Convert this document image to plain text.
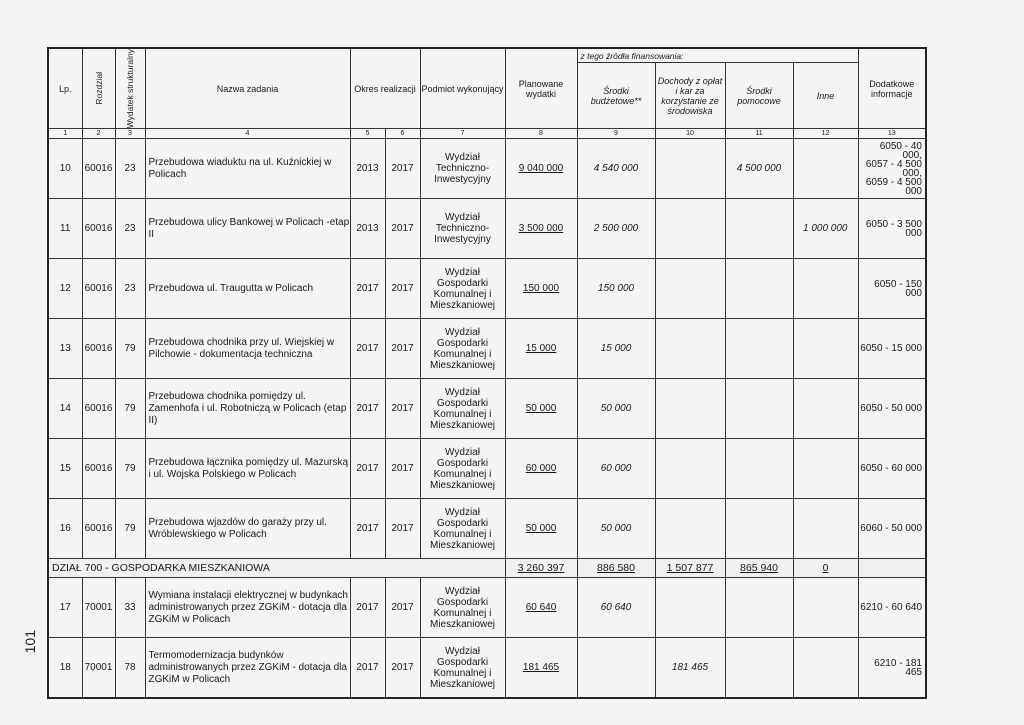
Lp.	Rozdział	Wydatek strukturalny	Nazwa zadania	Okres realizacji		Podmiot wykonujący	Planowane wydatki	z tego źródła finansowania:				Dodatkowe informacje
								Środki budżetowe**	Dochody z opłat i kar za korzystanie ze środowiska	Środki pomocowe	Inne	
1	2	3	4	5	6	7	8	9	10	11	12	13
10	60016	23	Przebudowa wiaduktu na ul. Kuźnickiej w Policach	2013	2017	Wydział Techniczno-Inwestycyjny	9 040 000	4 540 000		4 500 000		6050 - 40 000,
6057 - 4 500 000,
6059 - 4 500 000
11	60016	23	Przebudowa ulicy Bankowej w Policach -etap II	2013	2017	Wydział Techniczno-Inwestycyjny	3 500 000	2 500 000			1 000 000	6050 - 3 500 000
12	60016	23	Przebudowa ul. Traugutta w Policach	2017	2017	Wydział Gospodarki Komunalnej i Mieszkaniowej	150 000	150 000				6050 - 150 000
13	60016	79	Przebudowa chodnika przy ul. Wiejskiej w Pilchowie - dokumentacja techniczna	2017	2017	Wydział Gospodarki Komunalnej i Mieszkaniowej	15 000	15 000				6050 - 15 000
14	60016	79	Przebudowa chodnika pomiędzy ul. Zamenhofa i ul. Robotniczą w Policach (etap II)	2017	2017	Wydział Gospodarki Komunalnej i Mieszkaniowej	50 000	50 000				6050 - 50 000
15	60016	79	Przebudowa łącznika pomiędzy ul. Mazurską i ul. Wojska Polskiego w Policach	2017	2017	Wydział Gospodarki Komunalnej i Mieszkaniowej	60 000	60 000				6050 - 60 000
16	60016	79	Przebudowa wjazdów do garaży przy ul. Wróblewskiego w Policach	2017	2017	Wydział Gospodarki Komunalnej i Mieszkaniowej	50 000	50 000				6060 - 50 000
DZIAŁ 700 - GOSPODARKA MIESZKANIOWA							3 260 397	886 580	1 507 877	865 940	0	
17	70001	33	Wymiana instalacji elektrycznej w budynkach administrowanych przez ZGKiM - dotacja dla ZGKiM w Policach	2017	2017	Wydział Gospodarki Komunalnej i Mieszkaniowej	60 640	60 640				6210 - 60 640
18	70001	78	Termomodernizacja budynków administrowanych przez ZGKiM - dotacja dla ZGKiM w Policach	2017	2017	Wydział Gospodarki Komunalnej i Mieszkaniowej	181 465		181 465			6210 - 181 465
101
